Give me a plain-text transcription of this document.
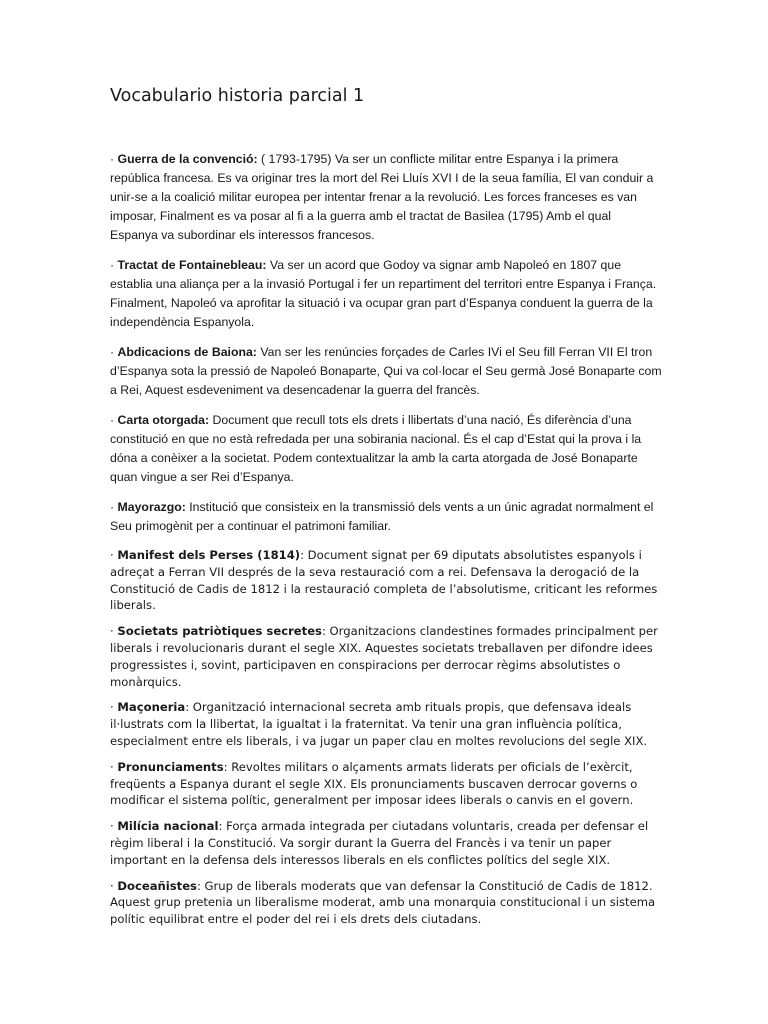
Vocabulario historia parcial 1

· Guerra de la convenció: ( 1793-1795) Va ser un conflicte militar entre Espanya i la primera república francesa. Es va originar tres la mort del Rei Lluís XVI I de la seua família, El van conduir a unir-se a la coalició militar europea per intentar frenar a la revolució. Les forces franceses es van imposar, Finalment es va posar al fi a la guerra amb el tractat de Basilea (1795) Amb el qual Espanya va subordinar els interessos francesos.

· Tractat de Fontainebleau: Va ser un acord que Godoy va signar amb Napoleó en 1807 que establia una aliança per a la invasió Portugal i fer un repartiment del territori entre Espanya i França. Finalment, Napoleó va aprofitar la situació i va ocupar gran part d’Espanya conduent la guerra de la independència Espanyola.

· Abdicacions de Baiona: Van ser les renúncies forçades de Carles IVi el Seu fill Ferran VII El tron d’Espanya sota la pressió de Napoleó Bonaparte, Qui va col·locar el Seu germà José Bonaparte com a Rei, Aquest esdeveniment va desencadenar la guerra del francès.

· Carta otorgada: Document que recull tots els drets i llibertats d’una nació, És diferència d’una constitució en que no està refredada per una sobirania nacional. És el cap d’Estat qui la prova i la dóna a conèixer a la societat. Podem contextualitzar la amb la carta atorgada de José Bonaparte quan vingue a ser Rei d’Espanya.

· Mayorazgo: Institució que consisteix en la transmissió dels vents a un únic agradat normalment el Seu primogènit per a continuar el patrimoni familiar.

· Manifest dels Perses (1814): Document signat per 69 diputats absolutistes espanyols i adreçat a Ferran VII després de la seva restauració com a rei. Defensava la derogació de la Constitució de Cadis de 1812 i la restauració completa de l’absolutisme, criticant les reformes liberals.

· Societats patriòtiques secretes: Organitzacions clandestines formades principalment per liberals i revolucionaris durant el segle XIX. Aquestes societats treballaven per difondre idees progressistes i, sovint, participaven en conspiracions per derrocar règims absolutistes o monàrquics.

· Maçoneria: Organització internacional secreta amb rituals propis, que defensava ideals il·lustrats com la llibertat, la igualtat i la fraternitat. Va tenir una gran influència política, especialment entre els liberals, i va jugar un paper clau en moltes revolucions del segle XIX.

· Pronunciaments: Revoltes militars o alçaments armats liderats per oficials de l’exèrcit, freqüents a Espanya durant el segle XIX. Els pronunciaments buscaven derrocar governs o modificar el sistema polític, generalment per imposar idees liberals o canvis en el govern.

· Milícia nacional: Força armada integrada per ciutadans voluntaris, creada per defensar el règim liberal i la Constitució. Va sorgir durant la Guerra del Francès i va tenir un paper important en la defensa dels interessos liberals en els conflictes polítics del segle XIX.

· Doceañistes: Grup de liberals moderats que van defensar la Constitució de Cadis de 1812. Aquest grup pretenia un liberalisme moderat, amb una monarquia constitucional i un sistema polític equilibrat entre el poder del rei i els drets dels ciutadans.
